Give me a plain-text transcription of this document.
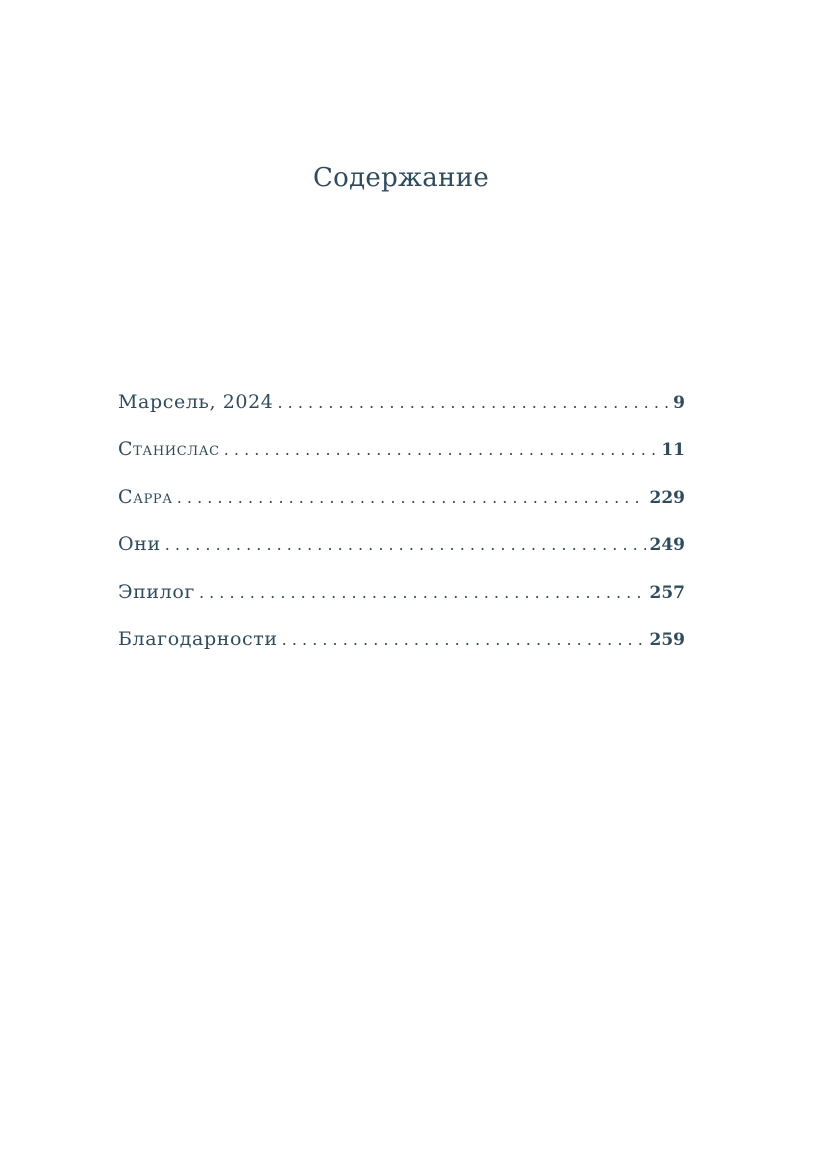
Содержание
Марсель, 2024 . . .	9
Станислас . . .	11
Сарра . . .	229
Они . . .	249
Эпилог . . .	257
Благодарности . . .	259
